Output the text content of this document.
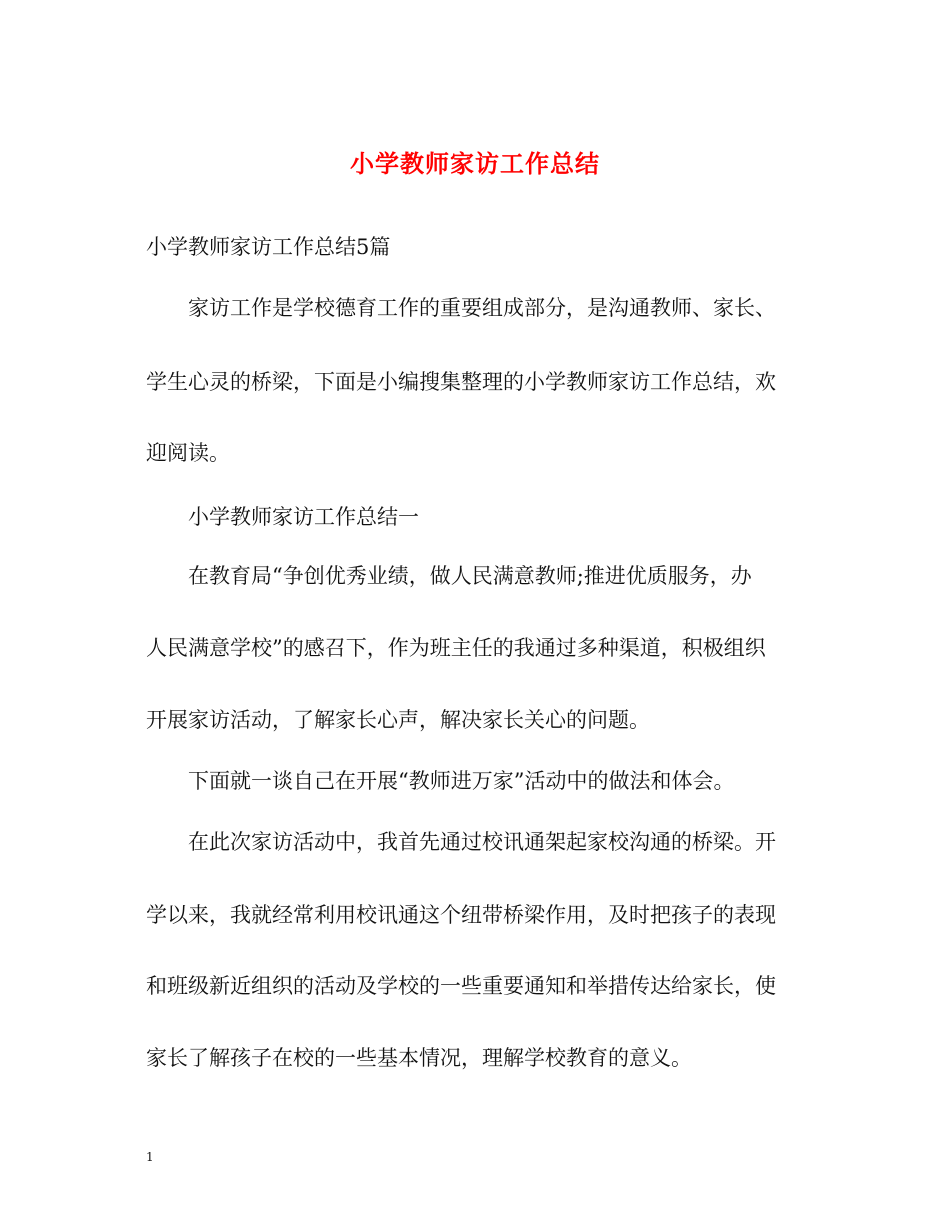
小学教师家访工作总结
小学教师家访工作总结5篇
家访工作是学校德育工作的重要组成部分，是沟通教师、家长、
学生心灵的桥梁，下面是小编搜集整理的小学教师家访工作总结，欢
迎阅读。
小学教师家访工作总结一
在教育局“争创优秀业绩，做人民满意教师;推进优质服务，办
人民满意学校”的感召下，作为班主任的我通过多种渠道，积极组织
开展家访活动，了解家长心声，解决家长关心的问题。
下面就一谈自己在开展“教师进万家”活动中的做法和体会。
在此次家访活动中，我首先通过校讯通架起家校沟通的桥梁。开
学以来，我就经常利用校讯通这个纽带桥梁作用，及时把孩子的表现
和班级新近组织的活动及学校的一些重要通知和举措传达给家长，使
家长了解孩子在校的一些基本情况，理解学校教育的意义。
1
